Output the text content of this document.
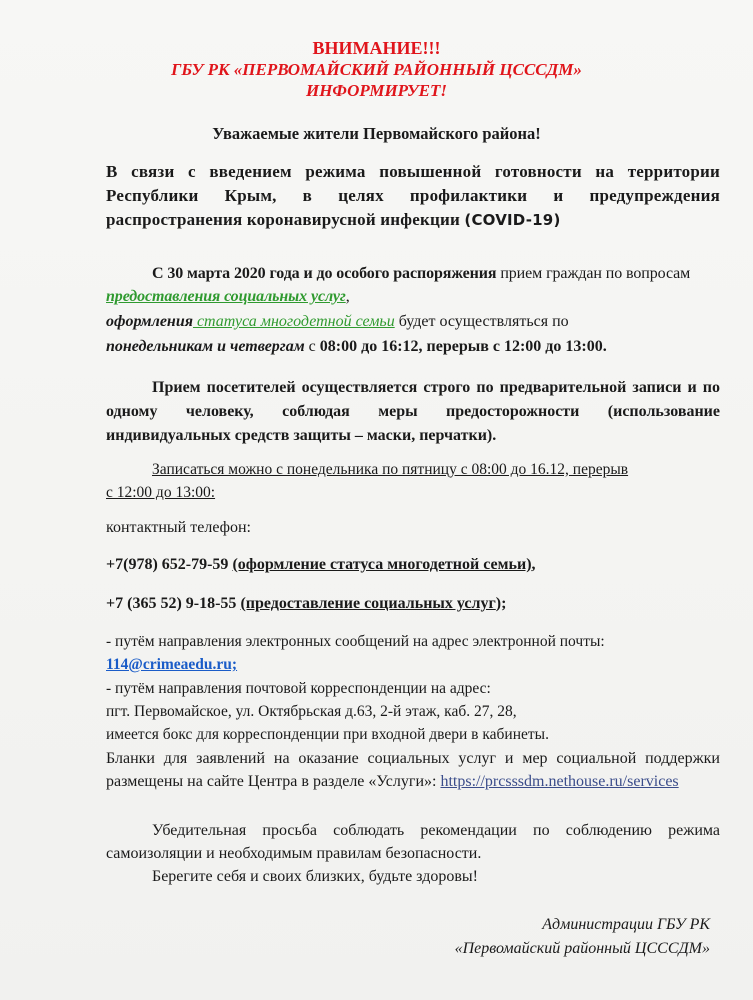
ВНИМАНИЕ!!!
ГБУ РК «ПЕРВОМАЙСКИЙ РАЙОННЫЙ ЦСССДМ»
ИНФОРМИРУЕТ!
Уважаемые жители Первомайского района!
В связи с введением режима повышенной готовности на территории Республики Крым, в целях профилактики и предупреждения распространения коронавирусной инфекции (COVID-19)
С 30 марта 2020 года и до особого распоряжения прием граждан по вопросам предоставления социальных услуг,
оформления статуса многодетной семьи будет осуществляться по
понедельникам и четвергам с 08:00 до 16:12, перерыв с 12:00 до 13:00.
Прием посетителей осуществляется строго по предварительной записи и по одному человеку, соблюдая меры предосторожности (использование индивидуальных средств защиты – маски, перчатки).
Записаться можно с понедельника по пятницу с 08:00 до 16.12, перерыв
с 12:00 до 13:00:
контактный телефон:
+7(978) 652-79-59 (оформление статуса многодетной семьи),
+7 (365 52) 9-18-55 (предоставление социальных услуг);
- путём направления электронных сообщений на адрес электронной почты:
114@crimeaedu.ru;
- путём направления почтовой корреспонденции на адрес:
пгт. Первомайское, ул. Октябрьская д.63, 2-й этаж, каб. 27, 28,
имеется бокс для корреспонденции при входной двери в кабинеты.
Бланки для заявлений на оказание социальных услуг и мер социальной поддержки размещены на сайте Центра в разделе «Услуги»: https://prcsssdm.nethouse.ru/services
Убедительная просьба соблюдать рекомендации по соблюдению режима самоизоляции и необходимым правилам безопасности.
Берегите себя и своих близких, будьте здоровы!
Администрации ГБУ РК
«Первомайский районный ЦСССДМ»
